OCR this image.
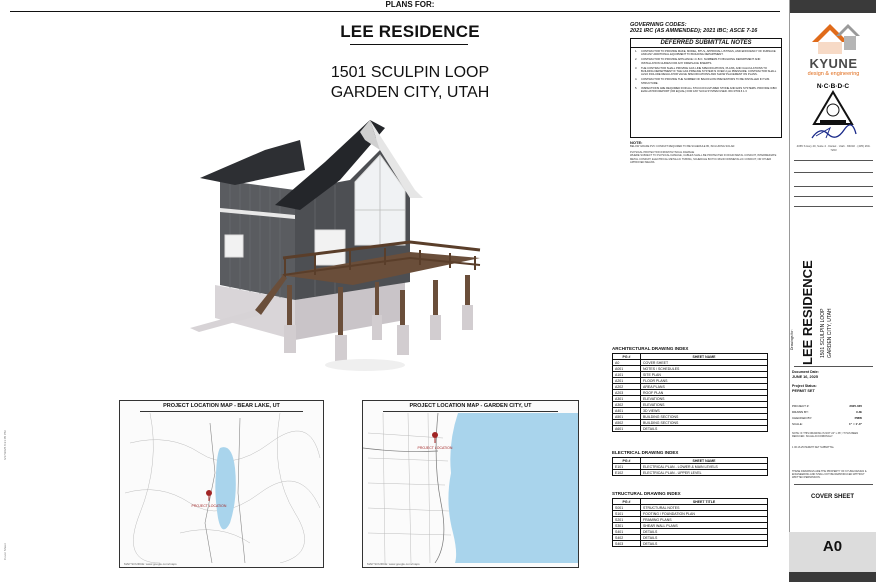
PLANS FOR:
LEE RESIDENCE
1501 SCULPIN LOOP
GARDEN CITY, UTAH
PROJECT LOCATION MAP - BEAR LAKE, UT
PROJECT LOCATION
MAP SOURCE: www.google.com/maps
PROJECT LOCATION MAP - GARDEN CITY, UT
PROJECT LOCATION
MAP SOURCE: www.google.com/maps
GOVERNING CODES:
2021 IRC (AS AMMENDED); 2021 IBC; ASCE 7-16
DEFERRED SUBMITTAL NOTES
1. CONTRACTOR TO PROVIDE MAKE, MODEL, BTU's, APPROVAL LISTINGS, AND EFFICIENCY OF FURNACE AND ANY ADDITIONAL EQUIPMENT TO BUILDING DEPARTMENT.
2. CONTRACTOR TO PROVIDE APPLIANCE I.C.B.O. NUMBERS TO BUILDING DEPARTMENT AND INSTALLATION GUIDES FOR ANY FIREPLACE INSERTS.
3. THE CONTRACTOR SHALL PROVIDE GAS LINE SPECIFICATIONS, PLANS, AND CALCULATIONS TO BUILDING DEPARTMENT IF THE GAS PIPELINE SYSTEM IS OVER 2 psi PRESSURE. CONTRACTOR SHALL ALSO INCLUDE REGULATOR VALVE SPECIFICATIONS AND SHOW PLACEMENT ON PLANS.
4. CONTRACTOR TO PROVIDE THE NUMBER OF BACKFLOW PREVENTORS TO BE INSTALLED IN THIS STRUCTURE.
5. INSPECTIONS ARE REQUIRED FOR ALL STUCCO/CULTURED STONE AND EIFS SYSTEMS. PROVIDE ICBO EVALUATION REPORT (OR EQUAL) FOR ANY SUCH SYSTEM USED. IRC R703.6 1.3
NOTE:
BELOW GRADE PVC CONDUIT REQUIRED TO BE SCHEDULE 80, INCLUDING SOLAR.
PHYSICAL PROTECTION FROM PHYSICAL DAMAGE
WHERE SUBJECT TO PHYSICAL DAMAGE, CABLES SHALL BE PROTECTED IN RIGID METAL CONDUIT, INTERMEDIATE METAL CONDUIT, ELECTRICAL METALLIC TUBING, SCHEDULE 80 PVC RIGID NONMETALLIC CONDUIT, OR OTHER APPROVED MEANS.
ARCHITECTURAL DRAWING INDEX
PG #	SHEET NAME
A0	COVER SHEET
A001	NOTES / SCHEDULES
A101	SITE PLAN
A201	FLOOR PLANS
A202	AREA PLANS
A203	ROOF PLAN
A301	ELEVATIONS
A302	ELEVATIONS
A401	3D VIEWS
A501	BUILDING SECTIONS
A502	BUILDING SECTIONS
A601	DETAILS
ELECTRICAL DRAWING INDEX
PG #	SHEET NAME
E101	ELECTRICAL PLAN - LOWER & MAIN LEVELS
E102	ELECTRICAL PLAN - UPPER LEVEL
STRUCTURAL DRAWING INDEX
PG #	SHEET TITLE
S001	STRUCTURAL NOTES
S101	FOOTING / FOUNDATION PLAN
S201	FRAMING PLANS
S301	SHEAR WALL PLANS
S401	DETAILS
S402	DETAILS
S403	DETAILS
KYUNE
design & engineering
N·C·B·D·C
4065 S Hwy 40, Suite 4 · Daniel · Utah · 84032 · (435) 260-7203
Drawings for: LEE RESIDENCE 1501 SCULPIN LOOP GARDEN CITY, UTAH
Document Date:
JUNE 16, 2025
Project Status:
PERMIT SET
PROJECT #:	2025-035
DRAWN BY:	CJE
CHECKED BY:	PMW
SCALE:	1" = 1'-0"
NOTE: IF THIS DRAWING IS NOT 24" x 36", IT HAS BEEN REDUCED. SCALE ACCORDINGLY.
1 06.16.25 PERMIT SET SUBMITTAL
THESE DRAWINGS ARE THE PROPERTY OF KYUNE DESIGN & ENGINEERING AND SHALL NOT BE REPRODUCED WITHOUT WRITTEN PERMISSION.
COVER SHEET
A0
6/17/2025 8:21:05 PM
Cover Sheet
